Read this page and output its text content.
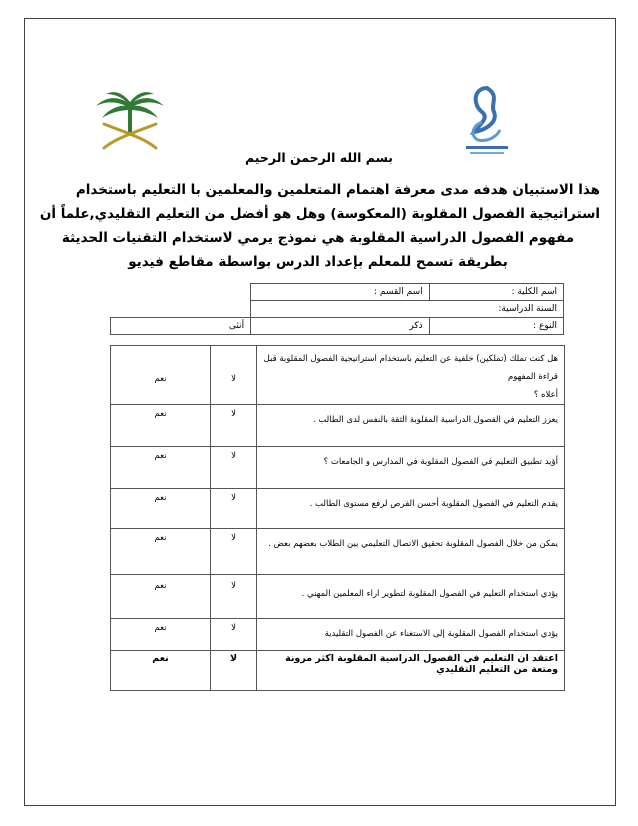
بسم الله الرحمن الرحيم
هذا الاستبيان هدفه مدى معرفة اهتمام المتعلمين والمعلمين با التعليم باستخدام
استراتيجية الفصول المقلوبة (المعكوسة) وهل هو أفضل من التعليم التقليدي,علماً أن
مفهوم الفصول الدراسية المقلوبة هي نموذج يرمي لاستخدام التقنيات الحديثة
بطريقة تسمح للمعلم بإعداد الدرس بواسطة مقاطع فيديو
اسم الكلية :	اسم القسم :	
السنة الدراسية:		
النوع :	ذكر	أنثى
هل كنت تملك (تملكين) خلفية عن التعليم باستخدام استراتيجية الفصول المقلوبة قبل قراءة المفهوم
أعلاه ؟	لا	نعم
يعزز التعليم في الفصول الدراسية المقلوبة الثقة بالنفس لدى الطالب .	لا	نعم
أؤيد تطبيق التعليم في الفصول المقلوبة في المدارس و الجامعات ؟	لا	نعم
يقدم التعليم في الفصول المقلوبة أحسن الفرص لرفع مستوى الطالب .	لا	نعم
يمكن من خلال الفصول المقلوبة تحقيق الاتصال التعليمي بين الطلاب بعضهم بعض .	لا	نعم
يؤدي استخدام التعليم في الفصول المقلوبة لتطوير اراء المعلمين المهني .	لا	نعم
يؤدي استخدام الفصول المقلوبة إلى الاستغناء عن الفصول التقليدية	لا	نعم
اعتقد ان التعليم في الفصول الدراسية المقلوبة اكثر مرونة ومتعة من التعليم التقليدي	لا	نعم
